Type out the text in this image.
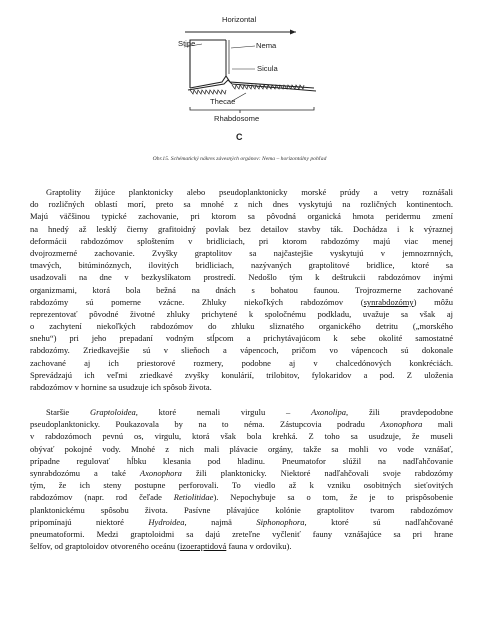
Horizontal
Stipe	Nema
Sicula
Thecae
Rhabdosome
C
Obr.15. Schématický nákres závesných orgánov: Nema – horizontálny pohľad
Graptolity žijúce planktonicky alebo pseudoplanktonicky morské prúdy a vetry roznášali
do rozličných oblastí morí, preto sa mnohé z nich dnes vyskytujú na rozličných kontinentoch.
Majú väčšinou typické zachovanie, pri ktorom sa pôvodná organická hmota peridermu zmení
na hnedý až lesklý čierny grafitoidný povlak bez detailov stavby ták. Dochádza i k výraznej
deformácii rabdozómov sploštením v bridliciach, pri ktorom rabdozómy majú viac menej
dvojrozmerné zachovanie. Zvyšky graptolitov sa najčastejšie vyskytujú v jemnozrnných,
tmavých, bitúminóznych, ilovitých bridliciach, nazývaných graptolitové bridlice, ktoré sa
usadzovali na dne v bezkyslíkatom prostredí. Nedošlo tým k deštrukcii rabdozómov inými
organizmami, ktorá bola bežná na dnách s bohatou faunou. Trojrozmerne zachované
rabdozómy sú pomerne vzácne. Zhluky niekoľkých rabdozómov (synrabdozómy) môžu
reprezentovať pôvodné životné zhluky prichytené k spoločnému podkladu, uvažuje sa však aj
o zachytení niekoľkých rabdozómov do zhluku sliznatého organického detritu („morského
snehu“) pri jeho prepadaní vodným stĺpcom a prichytávajúcom k sebe okolité samostatné
rabdozómy. Zriedkavejšie sú v slieňoch a vápencoch, pričom vo vápencoch sú dokonale
zachované aj ich priestorové rozmery, podobne aj v chalcedónových konkréciách.
Sprevádzajú ich veľmi zriedkavé zvyšky konulárií, trilobitov, fylokaridov a pod. Z uloženia
rabdozómov v hornine sa usudzuje ich spôsob života.
Staršie Graptoloidea, ktoré nemali virgulu – Axonolipa, žili pravdepodobne
pseudoplanktonicky. Poukazovala by na to néma. Zástupcovia podradu Axonophora mali
v rabdozómoch pevnú os, virgulu, ktorá však bola krehká. Z toho sa usudzuje, že museli
obývať pokojné vody. Mnohé z nich mali plávacie orgány, takže sa mohli vo vode vznášať,
prípadne regulovať hĺbku klesania pod hladinu. Pneumatofor slúžil na nadľahčovanie
synrabdozómu a také Axonophora žili planktonicky. Niektoré nadľahčovali svoje rabdozómy
tým, že ich steny postupne perforovali. To viedlo až k vzniku osobitných sieťovitých
rabdozómov (napr. rod čeľade Retiolitidae). Nepochybuje sa o tom, že je to prispôsobenie
planktonickému spôsobu života. Pasívne plávajúce kolónie graptolitov tvarom rabdozómov
pripomínajú niektoré Hydroidea, najmä Siphonophora, ktoré sú nadľahčované
pneumatoformi. Medzi graptoloidmi sa dajú zreteľne vyčleniť fauny vznášajúce sa pri hrane
šelfov, od graptoloidov otvoreného oceánu (izoeraptidová fauna v ordoviku).
